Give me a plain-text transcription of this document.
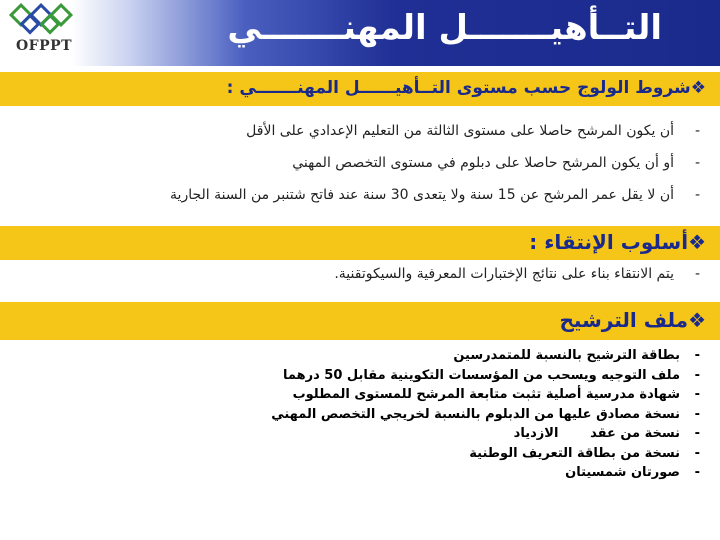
OFPPT	التــأهيـــــــل المهنـــــــي
❖شروط الولوج حسب مستوى التــأهيــــــل المهنـــــــي :
-
أن يكون المرشح حاصلا على مستوى الثالثة من التعليم الإعدادي على الأقل
-
أو أن يكون المرشح حاصلا على دبلوم في مستوى التخصص المهني
-
أن لا يقل عمر المرشح عن 15 سنة ولا يتعدى 30 سنة عند فاتح شتنبر من السنة الجارية
❖أسلوب الإنتقاء :
-
يتم الانتقاء بناء على نتائج الإختبارات المعرفية والسيكوتقنية.
❖ملف الترشيح
-
بطاقة الترشيح بالنسبة للمتمدرسين
-
ملف التوجيه ويسحب من المؤسسات التكوينية مقابل 50 درهما
-
شهادة مدرسية أصلية تثبت متابعة المرشح للمستوى المطلوب
-
نسخة مصادق عليها من الدبلوم بالنسبة لخريجي التخصص المهني
-
نسخة من عقد       الازدياد
-
نسخة من بطاقة التعريف الوطنية
-
صورتان شمسيتان
